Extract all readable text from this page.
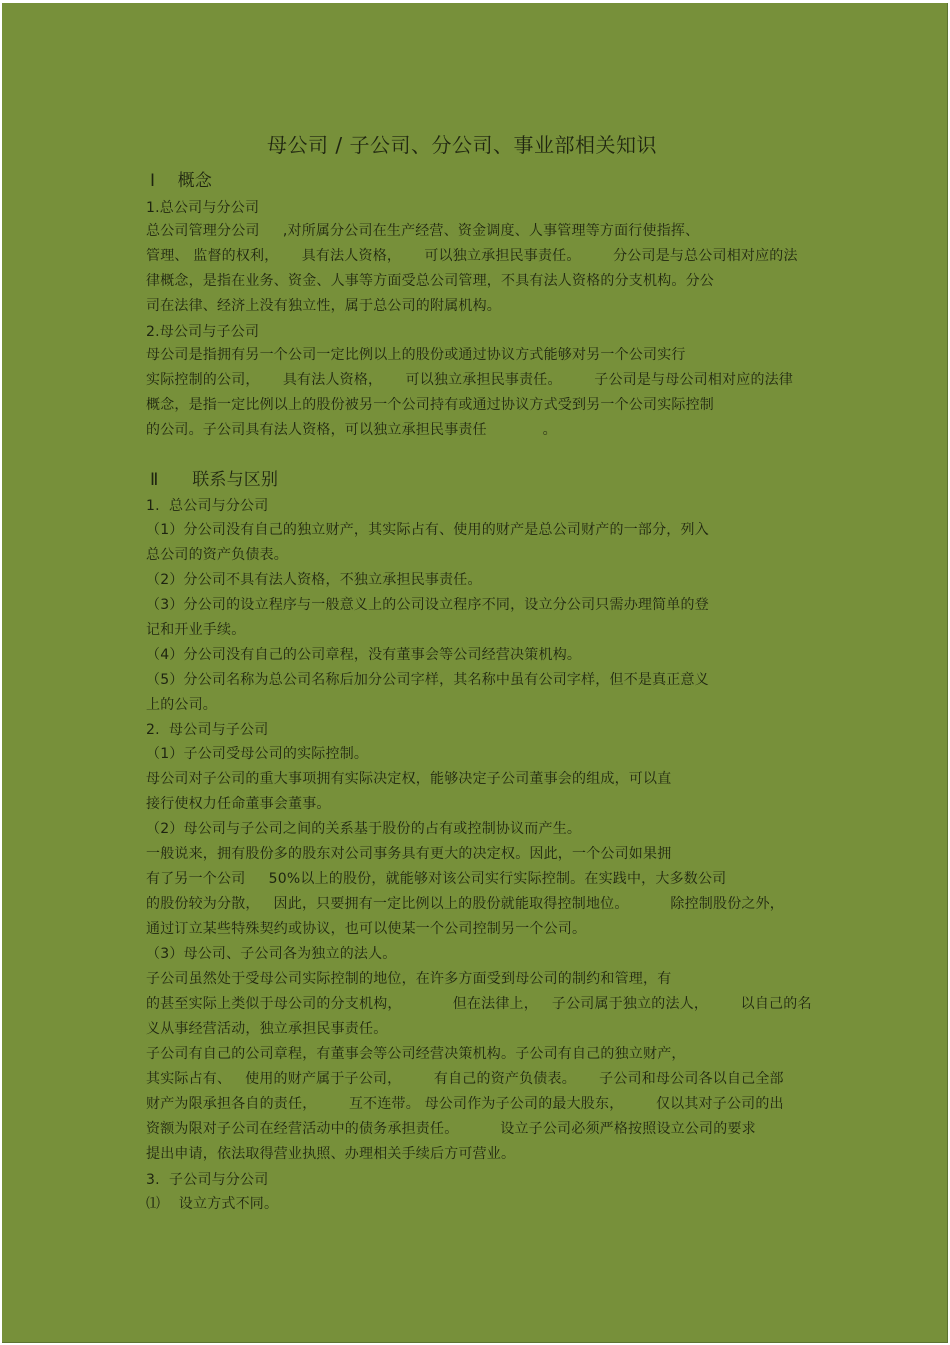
母公司 / 子公司、分公司、事业部相关知识
Ⅰ    概念
1.总公司与分公司
总公司管理分公司     ,对所属分公司在生产经营、资金调度、人事管理等方面行使指挥、
管理、 监督的权利，     具有法人资格，     可以独立承担民事责任。       分公司是与总公司相对应的法
律概念，是指在业务、资金、人事等方面受总公司管理，不具有法人资格的分支机构。分公
司在法律、经济上没有独立性，属于总公司的附属机构。
2.母公司与子公司
母公司是指拥有另一个公司一定比例以上的股份或通过协议方式能够对另一个公司实行
实际控制的公司，     具有法人资格，     可以独立承担民事责任。       子公司是与母公司相对应的法律
概念，是指一定比例以上的股份被另一个公司持有或通过协议方式受到另一个公司实际控制
的公司。子公司具有法人资格，可以独立承担民事责任            。
Ⅱ      联系与区别
1.  总公司与分公司
（1）分公司没有自己的独立财产，其实际占有、使用的财产是总公司财产的一部分，列入
总公司的资产负债表。
（2）分公司不具有法人资格，不独立承担民事责任。
（3）分公司的设立程序与一般意义上的公司设立程序不同，设立分公司只需办理简单的登
记和开业手续。
（4）分公司没有自己的公司章程，没有董事会等公司经营决策机构。
（5）分公司名称为总公司名称后加分公司字样，其名称中虽有公司字样，但不是真正意义
上的公司。
2.  母公司与子公司
（1）子公司受母公司的实际控制。
母公司对子公司的重大事项拥有实际决定权，能够决定子公司董事会的组成，可以直
接行使权力任命董事会董事。
（2）母公司与子公司之间的关系基于股份的占有或控制协议而产生。
一般说来，拥有股份多的股东对公司事务具有更大的决定权。因此，一个公司如果拥
有了另一个公司     50%以上的股份，就能够对该公司实行实际控制。在实践中，大多数公司
的股份较为分散，   因此，只要拥有一定比例以上的股份就能取得控制地位。         除控制股份之外，
通过订立某些特殊契约或协议，也可以使某一个公司控制另一个公司。
（3）母公司、子公司各为独立的法人。
子公司虽然处于受母公司实际控制的地位，在许多方面受到母公司的制约和管理，有
的甚至实际上类似于母公司的分支机构，           但在法律上，   子公司属于独立的法人，       以自己的名
义从事经营活动，独立承担民事责任。
子公司有自己的公司章程，有董事会等公司经营决策机构。子公司有自己的独立财产，
其实际占有、   使用的财产属于子公司，       有自己的资产负债表。     子公司和母公司各以自己全部
财产为限承担各自的责任，       互不连带。 母公司作为子公司的最大股东，       仅以其对子公司的出
资额为限对子公司在经营活动中的债务承担责任。         设立子公司必须严格按照设立公司的要求
提出申请，依法取得营业执照、办理相关手续后方可营业。
3.  子公司与分公司
⑴    设立方式不同。
